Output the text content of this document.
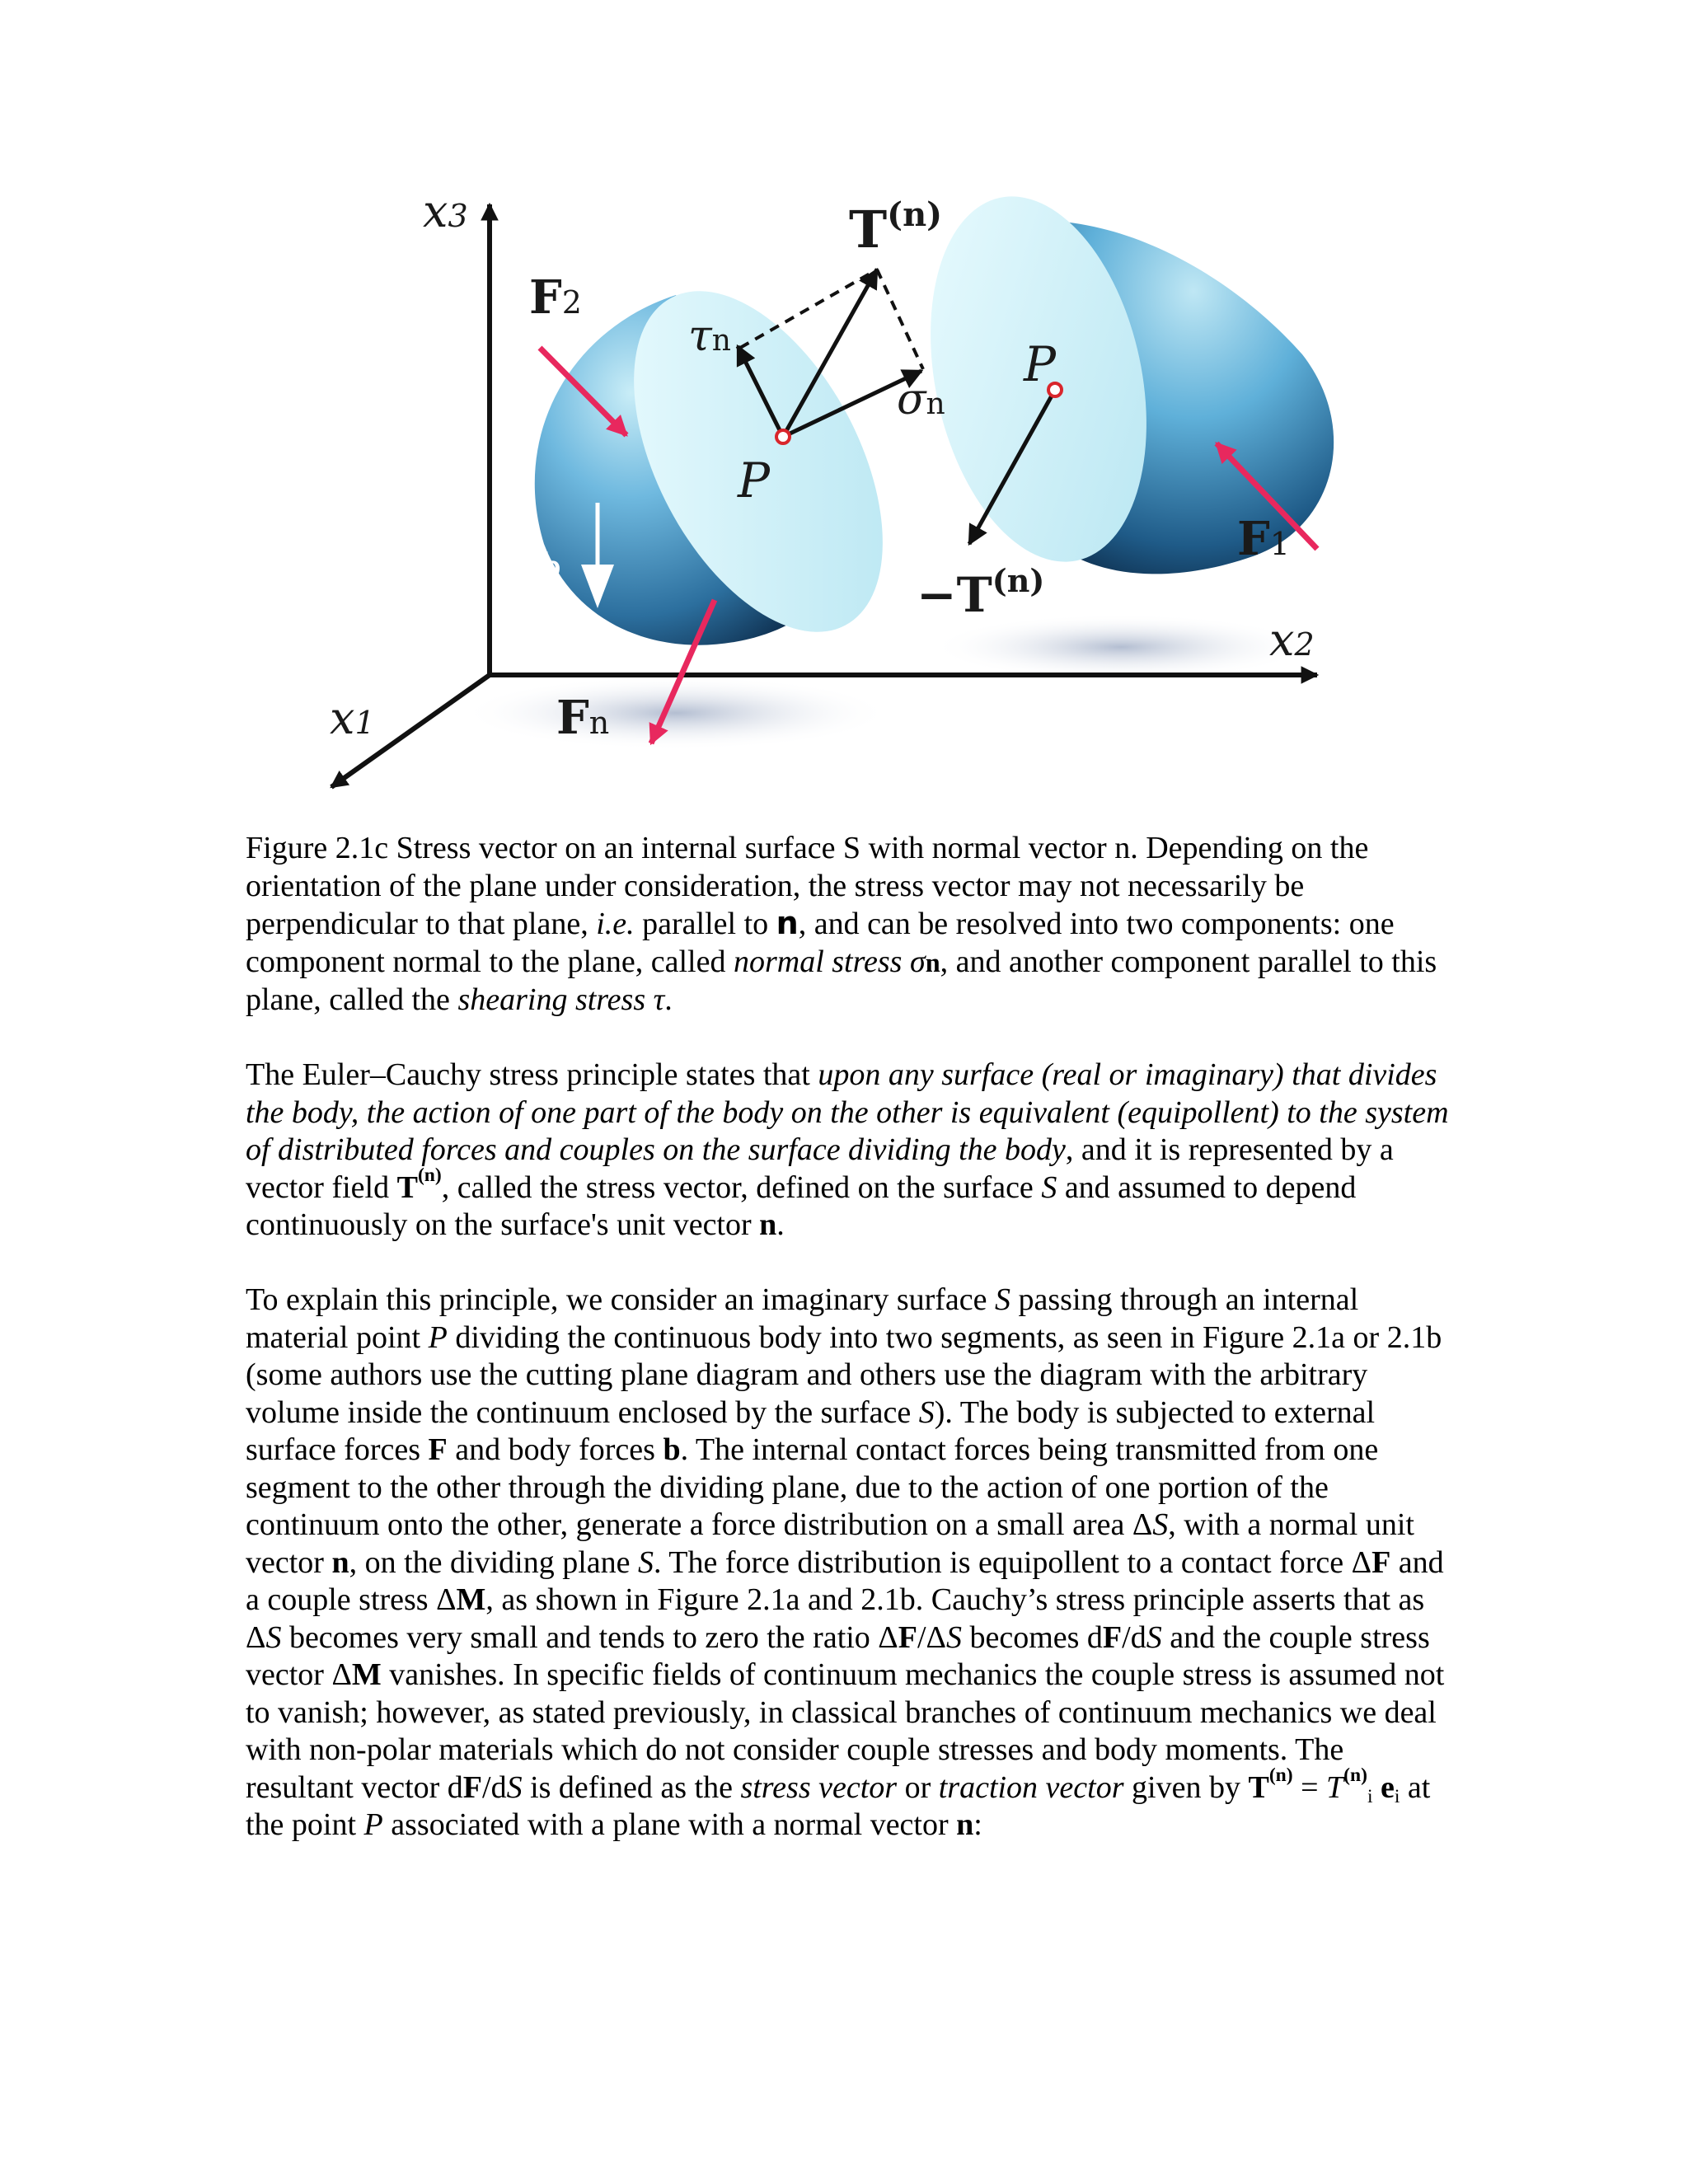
x3
x2
x1
F2
F1
Fn
τn
σn
$T^{(n)}$
$-T^{(n)}$
P
P
ρb

Figure 2.1c Stress vector on an internal surface S with normal vector n. Depending on the orientation of the plane under consideration, the stress vector may not necessarily be perpendicular to that plane, i.e. parallel to n, and can be resolved into two components: one component normal to the plane, called normal stress σn, and another component parallel to this plane, called the shearing stress τ.

The Euler–Cauchy stress principle states that upon any surface (real or imaginary) that divides the body, the action of one part of the body on the other is equivalent (equipollent) to the system of distributed forces and couples on the surface dividing the body, and it is represented by a vector field $T^{(n)}$, called the stress vector, defined on the surface S and assumed to depend continuously on the surface's unit vector n.

To explain this principle, we consider an imaginary surface S passing through an internal material point P dividing the continuous body into two segments, as seen in Figure 2.1a or 2.1b (some authors use the cutting plane diagram and others use the diagram with the arbitrary volume inside the continuum enclosed by the surface S). The body is subjected to external surface forces F and body forces b. The internal contact forces being transmitted from one segment to the other through the dividing plane, due to the action of one portion of the continuum onto the other, generate a force distribution on a small area ΔS, with a normal unit vector n, on the dividing plane S. The force distribution is equipollent to a contact force ΔF and a couple stress ΔM, as shown in Figure 2.1a and 2.1b. Cauchy’s stress principle asserts that as ΔS becomes very small and tends to zero the ratio ΔF/ΔS becomes dF/dS and the couple stress vector ΔM vanishes. In specific fields of continuum mechanics the couple stress is assumed not to vanish; however, as stated previously, in classical branches of continuum mechanics we deal with non-polar materials which do not consider couple stresses and body moments. The resultant vector dF/dS is defined as the stress vector or traction vector given by $T^{(n)} = T^{(n)}_i$ $e_i$ at the point P associated with a plane with a normal vector n:
